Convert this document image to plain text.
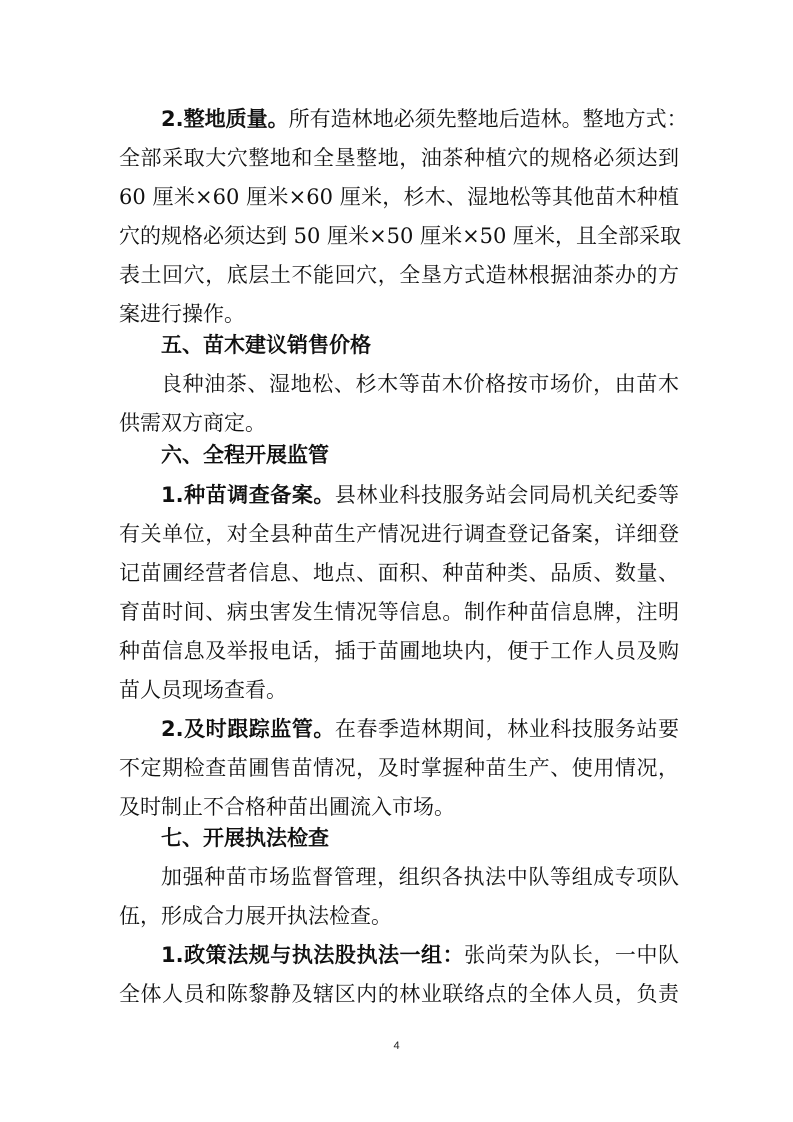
2.整地质量。所有造林地必须先整地后造林。整地方式：
全部采取大穴整地和全垦整地，油茶种植穴的规格必须达到
60 厘米×60 厘米×60 厘米，杉木、湿地松等其他苗木种植
穴的规格必须达到 50 厘米×50 厘米×50 厘米，且全部采取
表土回穴，底层土不能回穴，全垦方式造林根据油茶办的方
案进行操作。
五、苗木建议销售价格
良种油茶、湿地松、杉木等苗木价格按市场价，由苗木
供需双方商定。
六、全程开展监管
1.种苗调查备案。县林业科技服务站会同局机关纪委等
有关单位，对全县种苗生产情况进行调查登记备案，详细登
记苗圃经营者信息、地点、面积、种苗种类、品质、数量、
育苗时间、病虫害发生情况等信息。制作种苗信息牌，注明
种苗信息及举报电话，插于苗圃地块内，便于工作人员及购
苗人员现场查看。
2.及时跟踪监管。在春季造林期间，林业科技服务站要
不定期检查苗圃售苗情况，及时掌握种苗生产、使用情况，
及时制止不合格种苗出圃流入市场。
七、开展执法检查
加强种苗市场监督管理，组织各执法中队等组成专项队
伍，形成合力展开执法检查。
1.政策法规与执法股执法一组：张尚荣为队长，一中队
全体人员和陈黎静及辖区内的林业联络点的全体人员，负责
4
